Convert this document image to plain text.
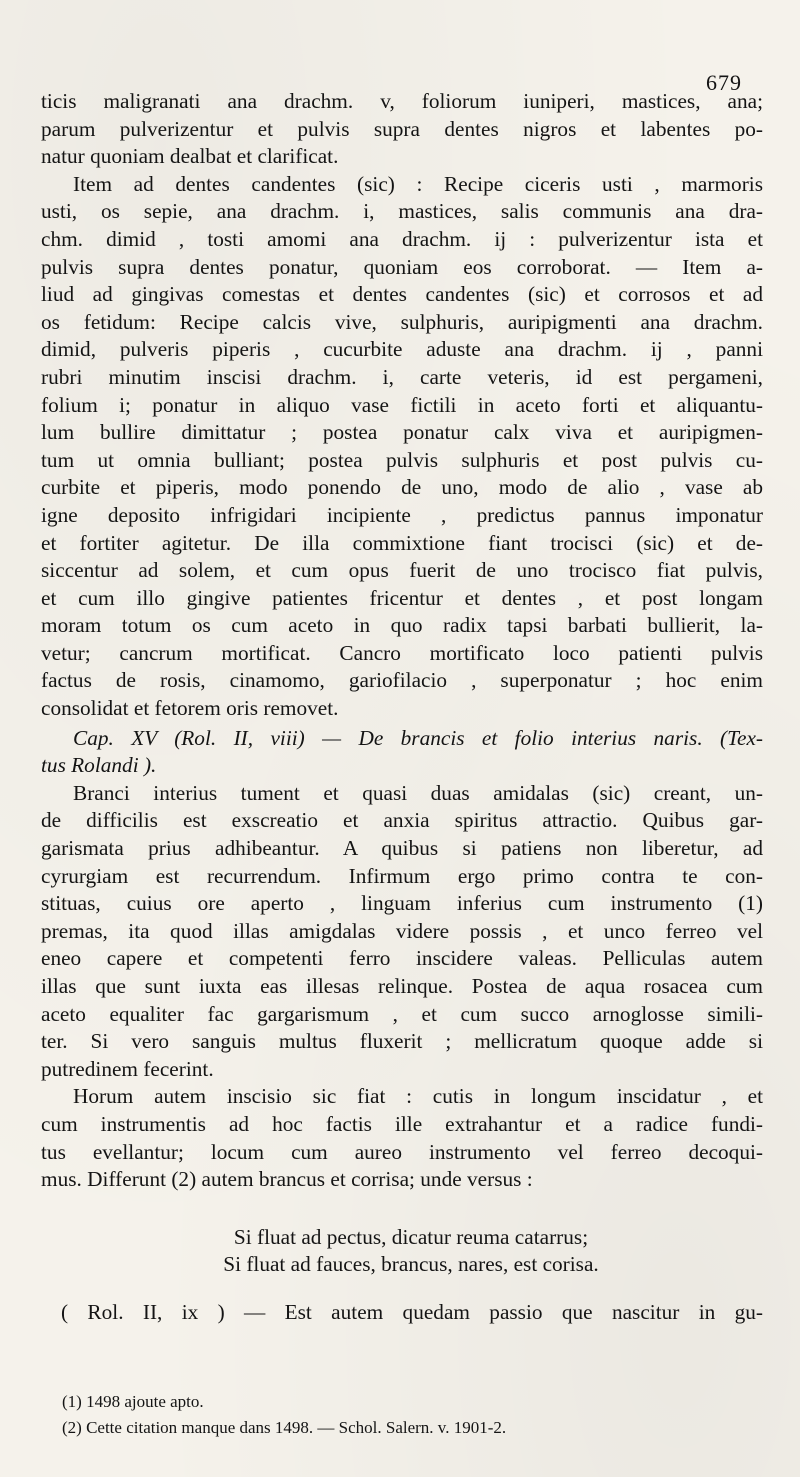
679
ticis maligranati ana drachm. v, foliorum iuniperi, mastices, ana;
parum pulverizentur et pulvis supra dentes nigros et labentes po-
natur quoniam dealbat et clarificat.
Item ad dentes candentes (sic) : Recipe ciceris usti , marmoris
usti, os sepie, ana drachm. i, mastices, salis communis ana dra-
chm. dimid , tosti amomi ana drachm. ij : pulverizentur ista et
pulvis supra dentes ponatur, quoniam eos corroborat. — Item a-
liud ad gingivas comestas et dentes candentes (sic) et corrosos et ad
os fetidum: Recipe calcis vive, sulphuris, auripigmenti ana drachm.
dimid, pulveris piperis , cucurbite aduste ana drachm. ij , panni
rubri minutim inscisi drachm. i, carte veteris, id est pergameni,
folium i; ponatur in aliquo vase fictili in aceto forti et aliquantu-
lum bullire dimittatur ; postea ponatur calx viva et auripigmen-
tum ut omnia bulliant; postea pulvis sulphuris et post pulvis cu-
curbite et piperis, modo ponendo de uno, modo de alio , vase ab
igne deposito infrigidari incipiente , predictus pannus imponatur
et fortiter agitetur. De illa commixtione fiant trocisci (sic) et de-
siccentur ad solem, et cum opus fuerit de uno trocisco fiat pulvis,
et cum illo gingive patientes fricentur et dentes , et post longam
moram totum os cum aceto in quo radix tapsi barbati bullierit, la-
vetur; cancrum mortificat. Cancro mortificato loco patienti pulvis
factus de rosis, cinamomo, gariofilacio , superponatur ; hoc enim
consolidat et fetorem oris removet.
Cap. XV (Rol. II, viii) — De brancis et folio interius naris. (Tex-
tus Rolandi ).
Branci interius tument et quasi duas amidalas (sic) creant, un-
de difficilis est exscreatio et anxia spiritus attractio. Quibus gar-
garismata prius adhibeantur. A quibus si patiens non liberetur, ad
cyrurgiam est recurrendum. Infirmum ergo primo contra te con-
stituas, cuius ore aperto , linguam inferius cum instrumento (1)
premas, ita quod illas amigdalas videre possis , et unco ferreo vel
eneo capere et competenti ferro inscidere valeas. Pelliculas autem
illas que sunt iuxta eas illesas relinque. Postea de aqua rosacea cum
aceto equaliter fac gargarismum , et cum succo arnoglosse simili-
ter. Si vero sanguis multus fluxerit ; mellicratum quoque adde si
putredinem fecerint.
Horum autem inscisio sic fiat : cutis in longum inscidatur , et
cum instrumentis ad hoc factis ille extrahantur et a radice fundi-
tus evellantur; locum cum aureo instrumento vel ferreo decoqui-
mus. Differunt (2) autem brancus et corrisa; unde versus :
Si fluat ad pectus, dicatur reuma catarrus;
Si fluat ad fauces, brancus, nares, est corisa.
( Rol. II, ix ) — Est autem quedam passio que nascitur in gu-
(1) 1498 ajoute apto.
(2) Cette citation manque dans 1498. — Schol. Salern. v. 1901-2.
